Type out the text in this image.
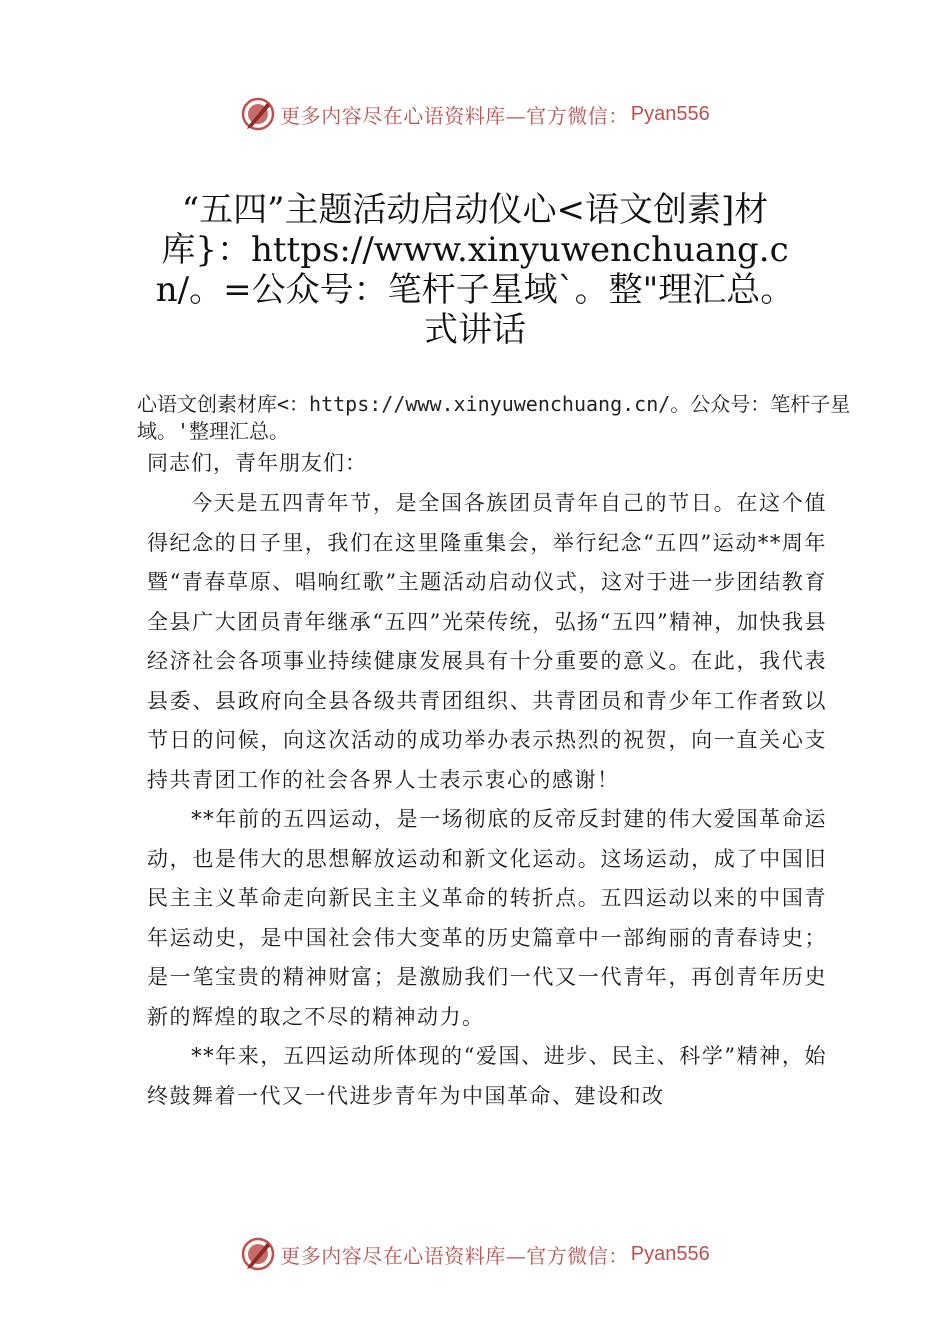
更多内容尽在心语资料库—官方微信： Pyan556
“五四”主题活动启动仪心<语文创素]材库}：https://www.xinyuwenchuang.cn/。=公众号：笔杆子星域`。整"理汇总。式讲话
心语文创素材库<：https://www.xinyuwenchuang.cn/。公众号：笔杆子星域。'整理汇总。
同志们，青年朋友们：

今天是五四青年节，是全国各族团员青年自己的节日。在这个值得纪念的日子里，我们在这里隆重集会，举行纪念“五四”运动**周年暨“青春草原、唱响红歌”主题活动启动仪式，这对于进一步团结教育全县广大团员青年继承“五四”光荣传统，弘扬“五四”精神，加快我县经济社会各项事业持续健康发展具有十分重要的意义。在此，我代表县委、县政府向全县各级共青团组织、共青团员和青少年工作者致以节日的问候，向这次活动的成功举办表示热烈的祝贺，向一直关心支持共青团工作的社会各界人士表示衷心的感谢！

**年前的五四运动，是一场彻底的反帝反封建的伟大爱国革命运动，也是伟大的思想解放运动和新文化运动。这场运动，成了中国旧民主主义革命走向新民主主义革命的转折点。五四运动以来的中国青年运动史，是中国社会伟大变革的历史篇章中一部绚丽的青春诗史；是一笔宝贵的精神财富；是激励我们一代又一代青年，再创青年历史新的辉煌的取之不尽的精神动力。

**年来，五四运动所体现的“爱国、进步、民主、科学”精神，始终鼓舞着一代又一代进步青年为中国革命、建设和改

更多内容尽在心语资料库—官方微信： Pyan556
